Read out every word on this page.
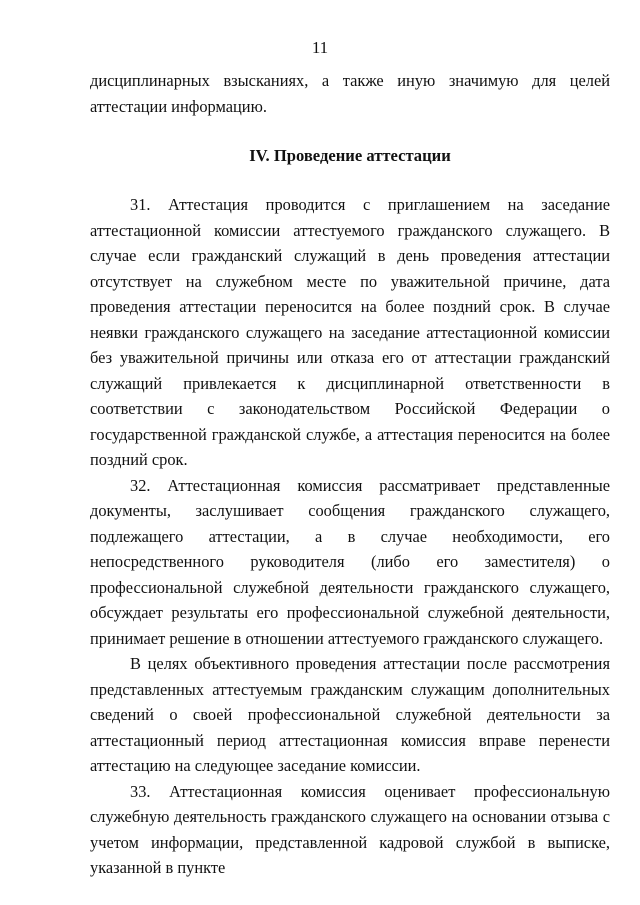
11

дисциплинарных взысканиях, а также иную значимую для целей аттестации информацию.

IV. Проведение аттестации

31. Аттестация проводится с приглашением на заседание аттестационной комиссии аттестуемого гражданского служащего. В случае если гражданский служащий в день проведения аттестации отсутствует на служебном месте по уважительной причине, дата проведения аттестации переносится на более поздний срок. В случае неявки гражданского служащего на заседание аттестационной комиссии без уважительной причины или отказа его от аттестации гражданский служащий привлекается к дисциплинарной ответственности в соответствии с законодательством Российской Федерации о государственной гражданской службе, а аттестация переносится на более поздний срок.

32. Аттестационная комиссия рассматривает представленные документы, заслушивает сообщения гражданского служащего, подлежащего аттестации, а в случае необходимости, его непосредственного руководителя (либо его заместителя) о профессиональной служебной деятельности гражданского служащего, обсуждает результаты его профессиональной служебной деятельности, принимает решение в отношении аттестуемого гражданского служащего.

В целях объективного проведения аттестации после рассмотрения представленных аттестуемым гражданским служащим дополнительных сведений о своей профессиональной служебной деятельности за аттестационный период аттестационная комиссия вправе перенести аттестацию на следующее заседание комиссии.

33. Аттестационная комиссия оценивает профессиональную служебную деятельность гражданского служащего на основании отзыва с учетом информации, представленной кадровой службой в выписке, указанной в пункте
